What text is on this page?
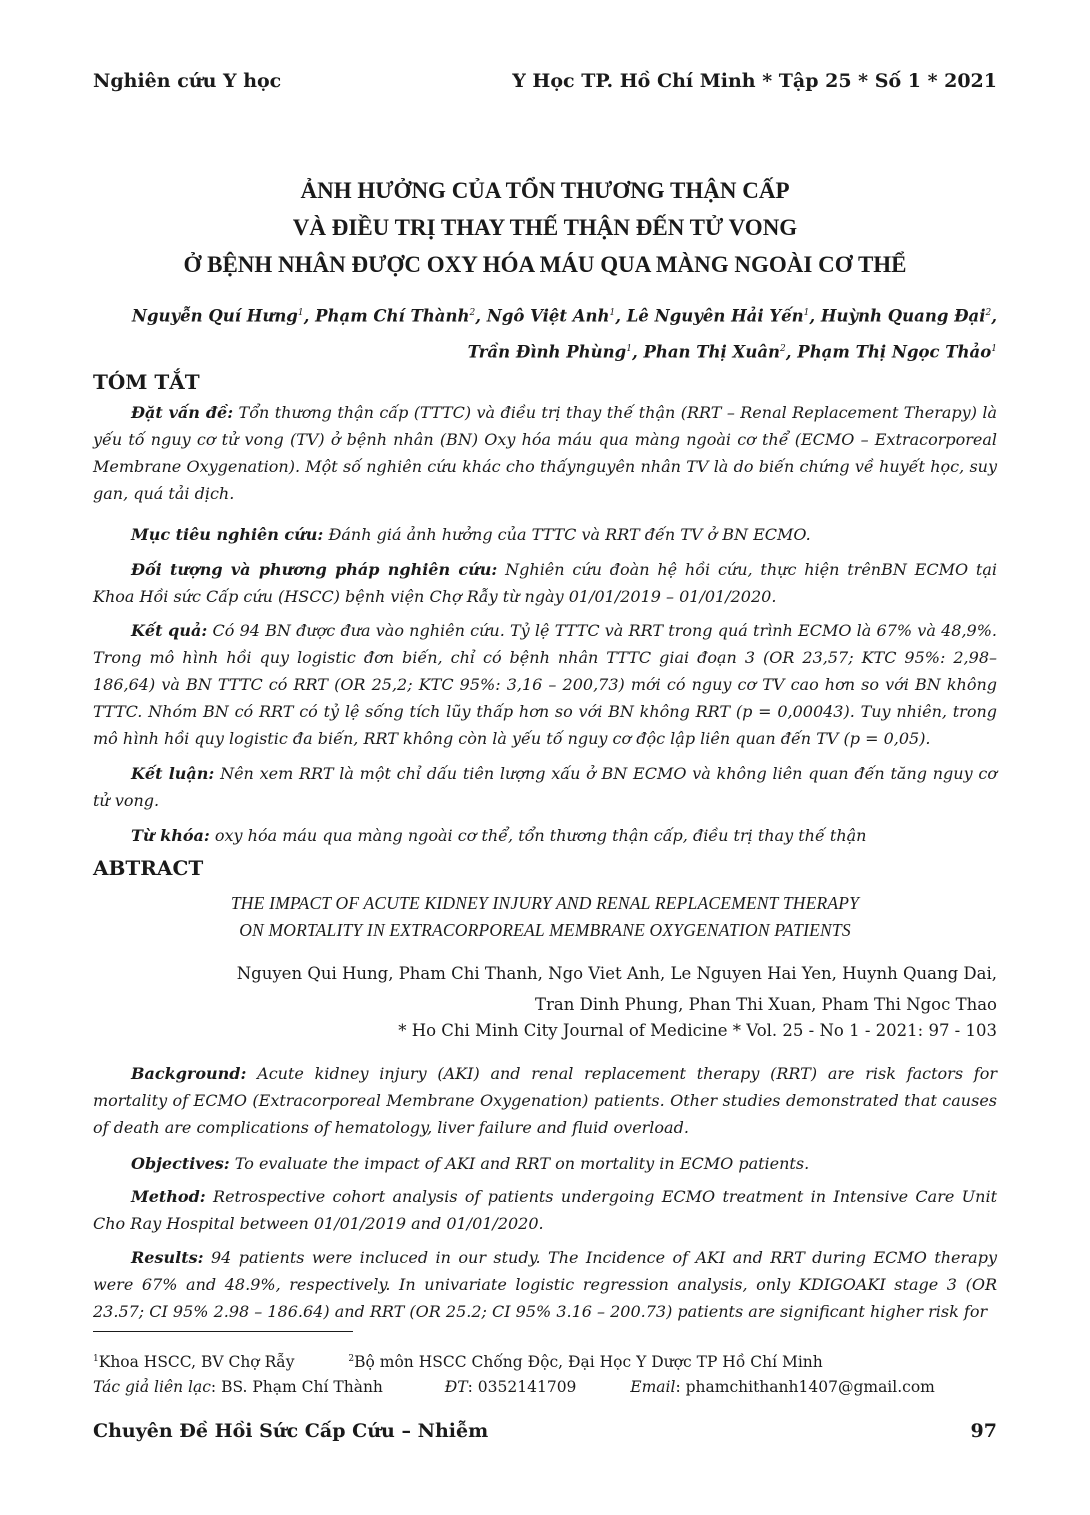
Nghiên cứu Y học	Y Học TP. Hồ Chí Minh * Tập 25 * Số 1 * 2021
ẢNH HƯỞNG CỦA TỔN THƯƠNG THẬN CẤP
VÀ ĐIỀU TRỊ THAY THẾ THẬN ĐẾN TỬ VONG
Ở BỆNH NHÂN ĐƯỢC OXY HÓA MÁU QUA MÀNG NGOÀI CƠ THỂ
Nguyễn Quí Hưng$^1$, Phạm Chí Thành$^2$, Ngô Việt Anh$^1$, Lê Nguyên Hải Yến$^1$, Huỳnh Quang Đại$^2$,
Trần Đình Phùng$^1$, Phan Thị Xuân$^2$, Phạm Thị Ngọc Thảo$^1$
TÓM TẮT

Đặt vấn đề: Tổn thương thận cấp (TTTC) và điều trị thay thế thận (RRT – Renal Replacement Therapy) là yếu tố nguy cơ tử vong (TV) ở bệnh nhân (BN) Oxy hóa máu qua màng ngoài cơ thể (ECMO – Extracorporeal Membrane Oxygenation). Một số nghiên cứu khác cho thấynguyên nhân TV là do biến chứng về huyết học, suy gan, quá tải dịch.

Mục tiêu nghiên cứu: Đánh giá ảnh hưởng của TTTC và RRT đến TV ở BN ECMO.

Đối tượng và phương pháp nghiên cứu: Nghiên cứu đoàn hệ hồi cứu, thực hiện trênBN ECMO tại Khoa Hồi sức Cấp cứu (HSCC) bệnh viện Chợ Rẫy từ ngày 01/01/2019 – 01/01/2020.

Kết quả: Có 94 BN được đưa vào nghiên cứu. Tỷ lệ TTTC và RRT trong quá trình ECMO là 67% và 48,9%. Trong mô hình hồi quy logistic đơn biến, chỉ có bệnh nhân TTTC giai đoạn 3 (OR 23,57; KTC 95%: 2,98–186,64) và BN TTTC có RRT (OR 25,2; KTC 95%: 3,16 – 200,73) mới có nguy cơ TV cao hơn so với BN không TTTC. Nhóm BN có RRT có tỷ lệ sống tích lũy thấp hơn so với BN không RRT (p = 0,00043). Tuy nhiên, trong mô hình hồi quy logistic đa biến, RRT không còn là yếu tố nguy cơ độc lập liên quan đến TV (p = 0,05).

Kết luận: Nên xem RRT là một chỉ dấu tiên lượng xấu ở BN ECMO và không liên quan đến tăng nguy cơ tử vong.

Từ khóa: oxy hóa máu qua màng ngoài cơ thể, tổn thương thận cấp, điều trị thay thế thận

ABTRACT
THE IMPACT OF ACUTE KIDNEY INJURY AND RENAL REPLACEMENT THERAPY
ON MORTALITY IN EXTRACORPOREAL MEMBRANE OXYGENATION PATIENTS
Nguyen Qui Hung, Pham Chi Thanh, Ngo Viet Anh, Le Nguyen Hai Yen, Huynh Quang Dai,
Tran Dinh Phung, Phan Thi Xuan, Pham Thi Ngoc Thao
* Ho Chi Minh City Journal of Medicine * Vol. 25 - No 1 - 2021: 97 - 103

Background: Acute kidney injury (AKI) and renal replacement therapy (RRT) are risk factors for mortality of ECMO (Extracorporeal Membrane Oxygenation) patients. Other studies demonstrated that causes of death are complications of hematology, liver failure and fluid overload.

Objectives: To evaluate the impact of AKI and RRT on mortality in ECMO patients.

Method: Retrospective cohort analysis of patients undergoing ECMO treatment in Intensive Care Unit Cho Ray Hospital between 01/01/2019 and 01/01/2020.

Results: 94 patients were incluced in our study. The Incidence of AKI and RRT during ECMO therapy were 67% and 48.9%, respectively. In univariate logistic regression analysis, only KDIGOAKI stage 3 (OR 23.57; CI 95% 2.98 – 186.64) and RRT (OR 25.2; CI 95% 3.16 – 200.73) patients are significant higher risk for

$^1$Khoa HSCC, BV Chợ Rẫy	$^2$Bộ môn HSCC Chống Độc, Đại Học Y Dược TP Hồ Chí Minh
Tác giả liên lạc: BS. Phạm Chí Thành	ĐT: 0352141709	Email: phamchithanh1407@gmail.com
Chuyên Đề Hồi Sức Cấp Cứu – Nhiễm	97
